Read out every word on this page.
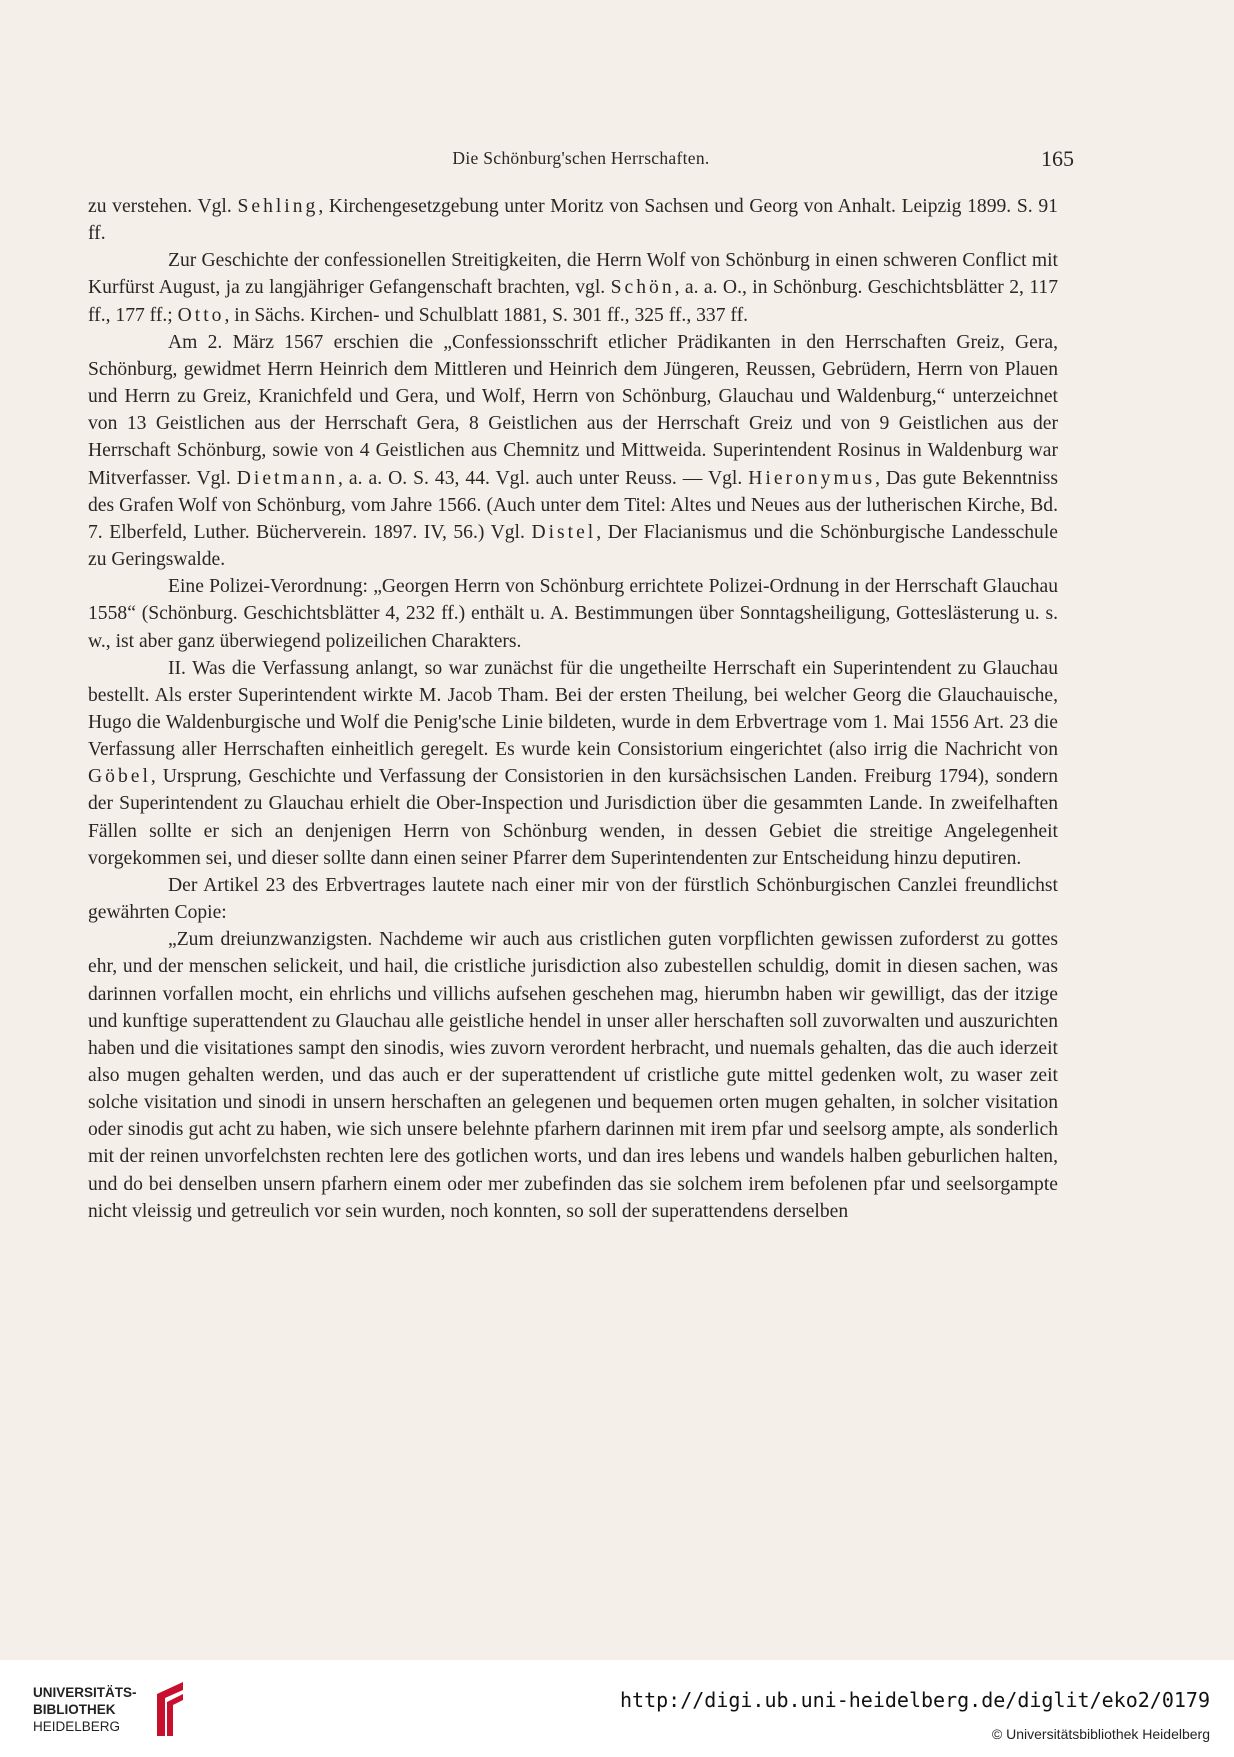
Die Schönburg'schen Herrschaften.	165

zu verstehen. Vgl. Sehling, Kirchengesetzgebung unter Moritz von Sachsen und Georg von Anhalt. Leipzig 1899. S. 91 ff.

Zur Geschichte der confessionellen Streitigkeiten, die Herrn Wolf von Schönburg in einen schweren Conflict mit Kurfürst August, ja zu langjähriger Gefangenschaft brachten, vgl. Schön, a. a. O., in Schönburg. Geschichtsblätter 2, 117 ff., 177 ff.; Otto, in Sächs. Kirchen- und Schulblatt 1881, S. 301 ff., 325 ff., 337 ff.

Am 2. März 1567 erschien die „Confessionsschrift etlicher Prädikanten in den Herrschaften Greiz, Gera, Schönburg, gewidmet Herrn Heinrich dem Mittleren und Heinrich dem Jüngeren, Reussen, Gebrüdern, Herrn von Plauen und Herrn zu Greiz, Kranichfeld und Gera, und Wolf, Herrn von Schönburg, Glauchau und Waldenburg,“ unterzeichnet von 13 Geistlichen aus der Herrschaft Gera, 8 Geistlichen aus der Herrschaft Greiz und von 9 Geistlichen aus der Herrschaft Schönburg, sowie von 4 Geistlichen aus Chemnitz und Mittweida. Superintendent Rosinus in Waldenburg war Mitverfasser. Vgl. Dietmann, a. a. O. S. 43, 44. Vgl. auch unter Reuss. — Vgl. Hieronymus, Das gute Bekenntniss des Grafen Wolf von Schönburg, vom Jahre 1566. (Auch unter dem Titel: Altes und Neues aus der lutherischen Kirche, Bd. 7. Elberfeld, Luther. Bücherverein. 1897. IV, 56.) Vgl. Distel, Der Flacianismus und die Schönburgische Landesschule zu Geringswalde.

Eine Polizei-Verordnung: „Georgen Herrn von Schönburg errichtete Polizei-Ordnung in der Herrschaft Glauchau 1558“ (Schönburg. Geschichtsblätter 4, 232 ff.) enthält u. A. Bestimmungen über Sonntagsheiligung, Gotteslästerung u. s. w., ist aber ganz überwiegend polizeilichen Charakters.

II. Was die Verfassung anlangt, so war zunächst für die ungetheilte Herrschaft ein Superintendent zu Glauchau bestellt. Als erster Superintendent wirkte M. Jacob Tham. Bei der ersten Theilung, bei welcher Georg die Glauchauische, Hugo die Waldenburgische und Wolf die Penig'sche Linie bildeten, wurde in dem Erbvertrage vom 1. Mai 1556 Art. 23 die Verfassung aller Herrschaften einheitlich geregelt. Es wurde kein Consistorium eingerichtet (also irrig die Nachricht von Göbel, Ursprung, Geschichte und Verfassung der Consistorien in den kursächsischen Landen. Freiburg 1794), sondern der Superintendent zu Glauchau erhielt die Ober-Inspection und Jurisdiction über die gesammten Lande. In zweifelhaften Fällen sollte er sich an denjenigen Herrn von Schönburg wenden, in dessen Gebiet die streitige Angelegenheit vorgekommen sei, und dieser sollte dann einen seiner Pfarrer dem Superintendenten zur Entscheidung hinzu deputiren.

Der Artikel 23 des Erbvertrages lautete nach einer mir von der fürstlich Schönburgischen Canzlei freundlichst gewährten Copie:

„Zum dreiunzwanzigsten. Nachdeme wir auch aus cristlichen guten vorpflichten gewissen zuforderst zu gottes ehr, und der menschen selickeit, und hail, die cristliche jurisdiction also zubestellen schuldig, domit in diesen sachen, was darinnen vorfallen mocht, ein ehrlichs und villichs aufsehen geschehen mag, hierumbn haben wir gewilligt, das der itzige und kunftige superattendent zu Glauchau alle geistliche hendel in unser aller herschaften soll zuvorwalten und auszurichten haben und die visitationes sampt den sinodis, wies zuvorn verordent herbracht, und nuemals gehalten, das die auch iderzeit also mugen gehalten werden, und das auch er der superattendent uf cristliche gute mittel gedenken wolt, zu waser zeit solche visitation und sinodi in unsern herschaften an gelegenen und bequemen orten mugen gehalten, in solcher visitation oder sinodis gut acht zu haben, wie sich unsere belehnte pfarhern darinnen mit irem pfar und seelsorg ampte, als sonderlich mit der reinen unvorfelchsten rechten lere des gotlichen worts, und dan ires lebens und wandels halben geburlichen halten, und do bei denselben unsern pfarhern einem oder mer zubefinden das sie solchem irem befolenen pfar und seelsorgampte nicht vleissig und getreulich vor sein wurden, noch konnten, so soll der superattendens derselben

UNIVERSITÄTS-
BIBLIOTHEK
HEIDELBERG
http://digi.ub.uni-heidelberg.de/diglit/eko2/0179
© Universitätsbibliothek Heidelberg
